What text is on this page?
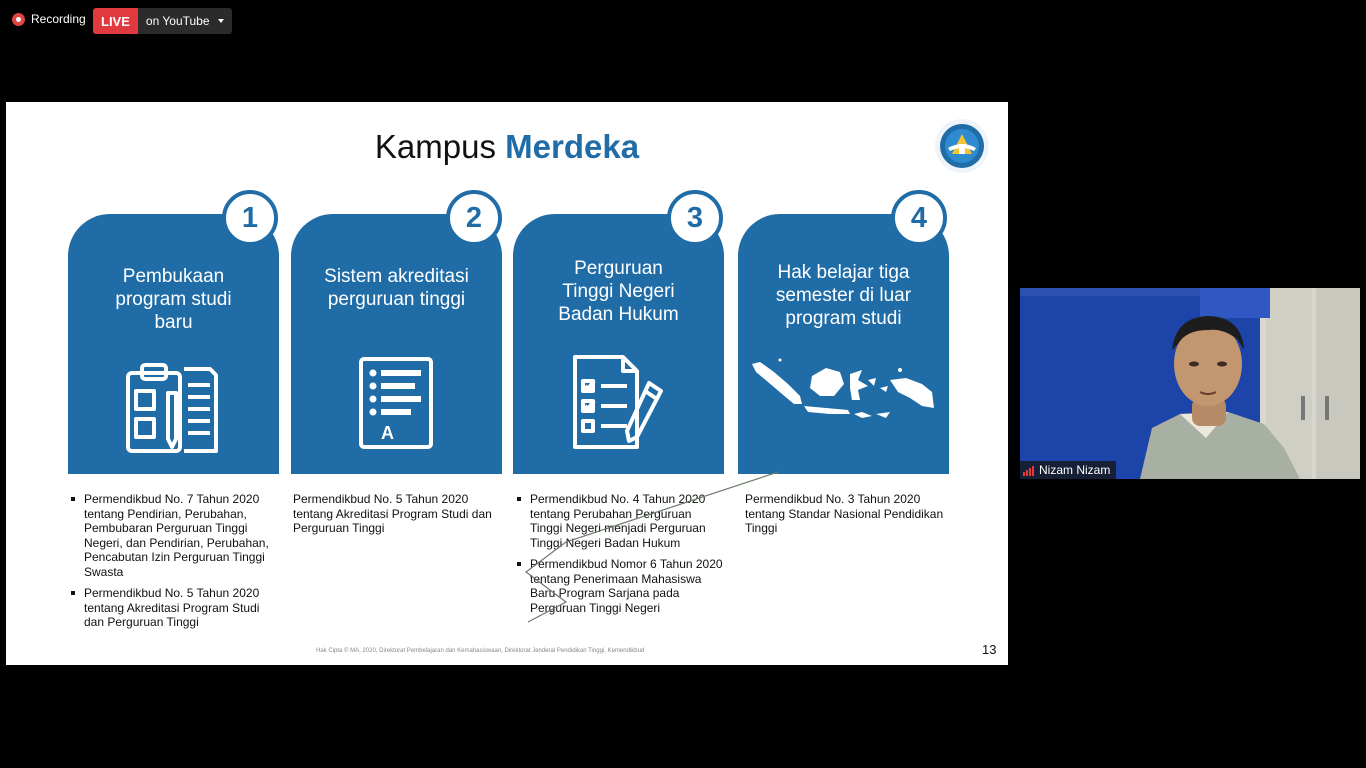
Recording	LIVE	on YouTube
Kampus Merdeka
Pembukaan
program studi
baru
1
Sistem akreditasi
perguruan tinggi
A
2
Perguruan
Tinggi Negeri
Badan Hukum
3
Hak belajar tiga
semester di luar
program studi
4
Permendikbud No. 7 Tahun 2020 tentang Pendirian, Perubahan, Pembubaran Perguruan Tinggi Negeri, dan Pendirian, Perubahan, Pencabutan Izin Perguruan Tinggi Swasta
Permendikbud No. 5 Tahun 2020 tentang Akreditasi Program Studi dan Perguruan Tinggi

Permendikbud No. 5 Tahun 2020 tentang Akreditasi Program Studi dan Perguruan Tinggi

Permendikbud No. 4 Tahun 2020 tentang Perubahan Perguruan Tinggi Negeri menjadi Perguruan Tinggi Negeri Badan Hukum
Permendikbud Nomor 6 Tahun 2020 tentang Penerimaan Mahasiswa Baru Program Sarjana pada Perguruan Tinggi Negeri

Permendikbud No. 3 Tahun 2020 tentang Standar Nasional Pendidikan Tinggi

Hak Cipta © MA, 2020, Direktorat Pembelajaran dan Kemahasiswaan, Direktorat Jenderal Pendidikan Tinggi, Kemendikbud	13
Nizam Nizam
